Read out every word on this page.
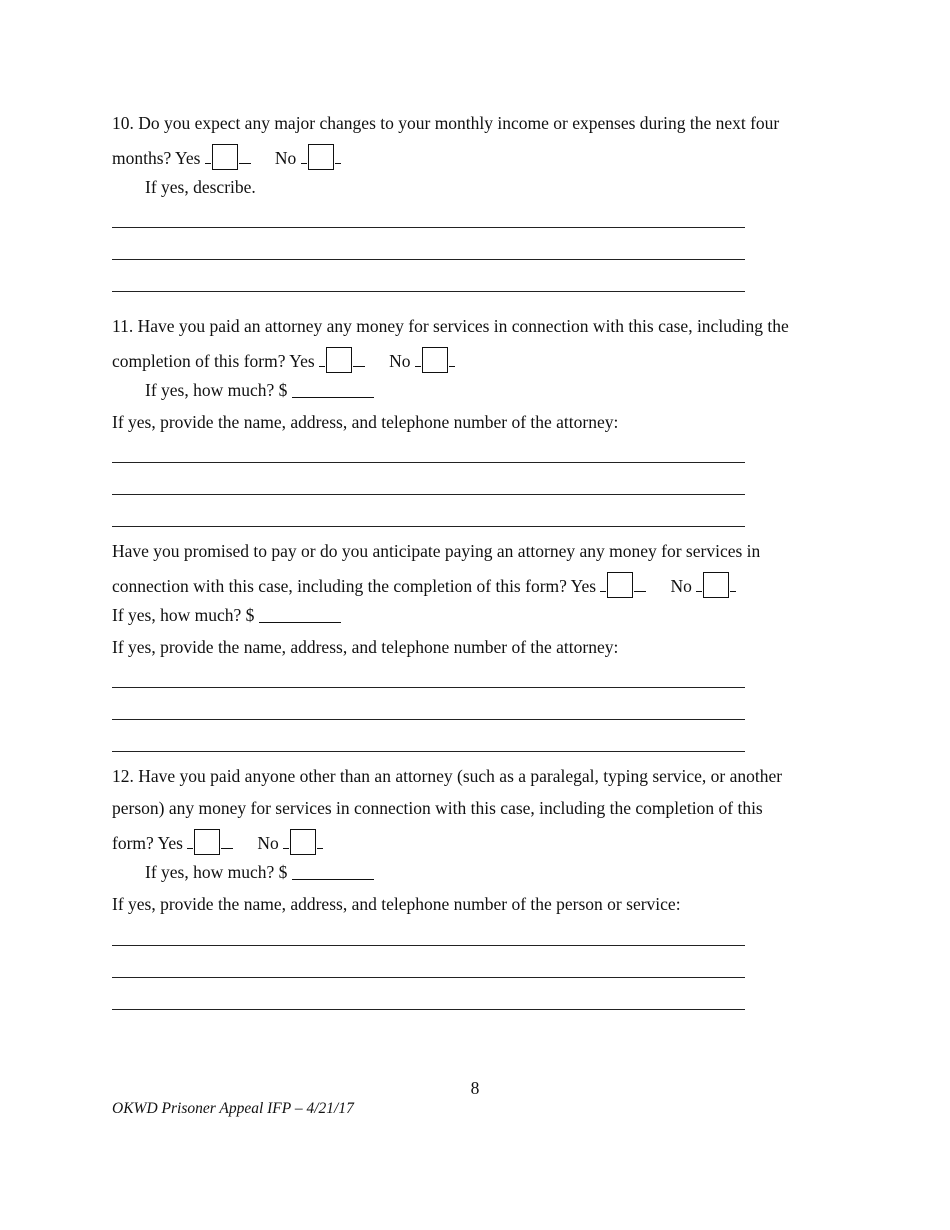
10. Do you expect any major changes to your monthly income or expenses during the next four
months? Yes	No
If yes, describe.
11. Have you paid an attorney any money for services in connection with this case, including the
completion of this form? Yes	No
If yes, how much? $
If yes, provide the name, address, and telephone number of the attorney:
Have you promised to pay or do you anticipate paying an attorney any money for services in
connection with this case, including the completion of this form? Yes	No
If yes, how much? $
If yes, provide the name, address, and telephone number of the attorney:
12. Have you paid anyone other than an attorney (such as a paralegal, typing service, or another
person) any money for services in connection with this case, including the completion of this
form? Yes	No
If yes, how much? $
If yes, provide the name, address, and telephone number of the person or service:
8
OKWD Prisoner Appeal IFP – 4/21/17
